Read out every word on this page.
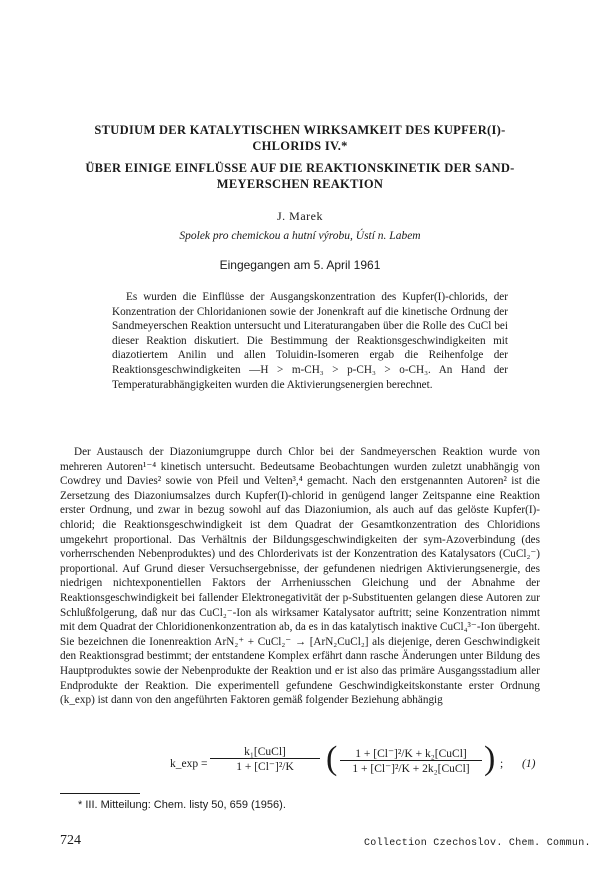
STUDIUM DER KATALYTISCHEN WIRKSAMKEIT DES KUPFER(I)-
CHLORIDS IV.*
ÜBER EINIGE EINFLÜSSE AUF DIE REAKTIONSKINETIK DER SAND-
MEYERSCHEN REAKTION
J. Marek
Spolek pro chemickou a hutní výrobu, Ústí n. Labem
Eingegangen am 5. April 1961

Es wurden die Einflüsse der Ausgangskonzentration des Kupfer(I)-chlorids, der Konzentration der Chloridanionen sowie der Jonenkraft auf die kinetische Ordnung der Sandmeyerschen Reaktion untersucht und Literaturangaben über die Rolle des CuCl bei dieser Reaktion diskutiert. Die Bestimmung der Reaktionsgeschwindigkeiten mit diazotiertem Anilin und allen Toluidin-Isomeren ergab die Reihenfolge der Reaktionsgeschwindigkeiten —H > m-CH₃ > p-CH₃ > o-CH₃. An Hand der Temperaturabhängigkeiten wurden die Aktivierungsenergien berechnet.

Der Austausch der Diazoniumgruppe durch Chlor bei der Sandmeyerschen Reaktion wurde von mehreren Autoren¹⁻⁴ kinetisch untersucht. Bedeutsame Beobachtungen wurden zuletzt unabhängig von Cowdrey und Davies² sowie von Pfeil und Velten³,⁴ gemacht. Nach den erstgenannten Autoren² ist die Zersetzung des Diazoniumsalzes durch Kupfer(I)-chlorid in genügend langer Zeitspanne eine Reaktion erster Ordnung, und zwar in bezug sowohl auf das Diazoniumion, als auch auf das gelöste Kupfer(I)-chlorid; die Reaktionsgeschwindigkeit ist dem Quadrat der Gesamtkonzentration des Chloridions umgekehrt proportional. Das Verhältnis der Bildungsgeschwindigkeiten der sym-Azoverbindung (des vorherrschenden Nebenproduktes) und des Chlorderivats ist der Konzentration des Katalysators (CuCl₂⁻) proportional. Auf Grund dieser Versuchsergebnisse, der gefundenen niedrigen Aktivierungsenergie, des niedrigen nichtexponentiellen Faktors der Arrheniusschen Gleichung und der Abnahme der Reaktionsgeschwindigkeit bei fallender Elektronegativität der p-Substituenten gelangen diese Autoren zur Schlußfolgerung, daß nur das CuCl₂⁻-Ion als wirksamer Katalysator auftritt; seine Konzentration nimmt mit dem Quadrat der Chloridionenkonzentration ab, da es in das katalytisch inaktive CuCl₄³⁻-Ion übergeht. Sie bezeichnen die Ionenreaktion ArN₂⁺ + CuCl₂⁻ → [ArN₂CuCl₂] als diejenige, deren Geschwindigkeit den Reaktionsgrad bestimmt; der entstandene Komplex erfährt dann rasche Änderungen unter Bildung des Hauptproduktes sowie der Nebenprodukte der Reaktion und er ist also das primäre Ausgangsstadium aller Endprodukte der Reaktion. Die experimentell gefundene Geschwindigkeitskonstante erster Ordnung (k_exp) ist dann von den angeführten Faktoren gemäß folgender Beziehung abhängig

k_exp =
k₁[CuCl]
1 + [Cl⁻]²/K (	1 + [Cl⁻]²/K + k₂[CuCl]
1 + [Cl⁻]²/K + 2k₂[CuCl] ) ; (1)
* III. Mitteilung: Chem. listy 50, 659 (1956).
724	Collection Czechoslov. Chem. Commun.
